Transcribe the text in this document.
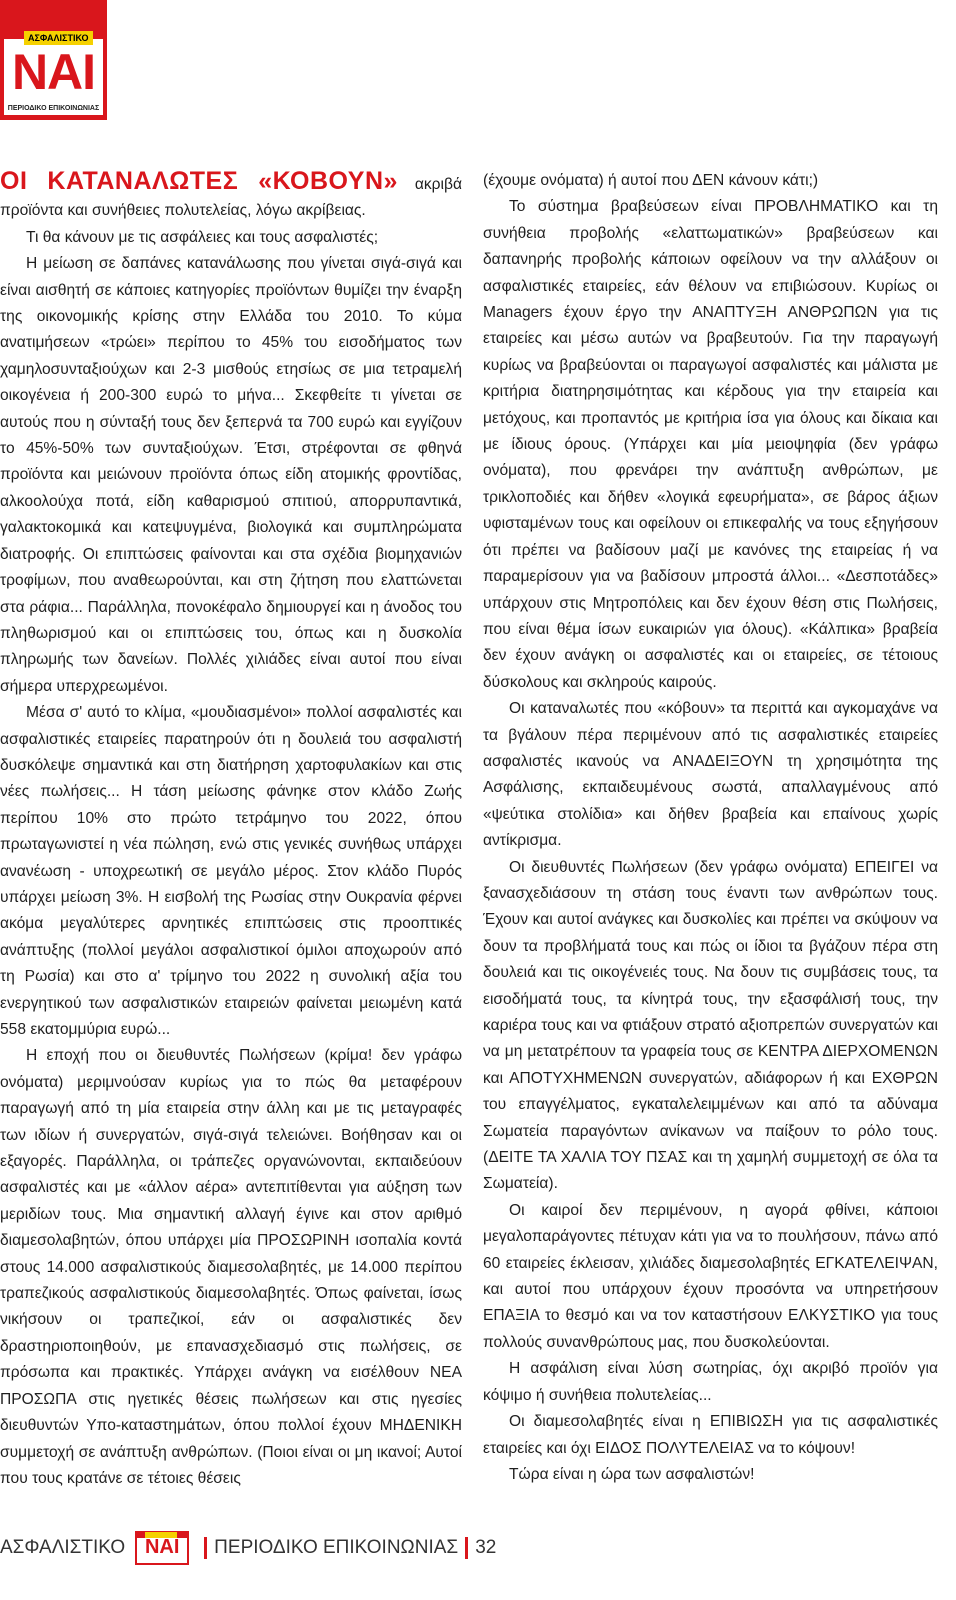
ΑΣΦΑΛΙΣΤΙΚΟ
ΝΑΙ
ΠΕΡΙΟΔΙΚΟ ΕΠΙΚΟΙΝΩΝΙΑΣ

ΟΙ ΚΑΤΑΝΑΛΩΤΕΣ «ΚΟΒΟΥΝ» ακριβά προϊόντα και συνήθειες πολυτελείας, λόγω ακρίβειας.

Τι θα κάνουν με τις ασφάλειες και τους ασφαλιστές;

Η μείωση σε δαπάνες κατανάλωσης που γίνεται σιγά-σιγά και είναι αισθητή σε κάποιες κατηγορίες προϊόντων θυμίζει την έναρξη της οικονομικής κρίσης στην Ελλάδα του 2010. Το κύμα ανατιμήσεων «τρώει» περίπου το 45% του εισοδήματος των χαμηλοσυνταξιούχων και 2-3 μισθούς ετησίως σε μια τετραμελή οικογένεια ή 200-300 ευρώ το μήνα... Σκεφθείτε τι γίνεται σε αυτούς που η σύνταξή τους δεν ξεπερνά τα 700 ευρώ και εγγίζουν το 45%-50% των συνταξιούχων. Έτσι, στρέφονται σε φθηνά προϊόντα και μειώνουν προϊόντα όπως είδη ατομικής φροντίδας, αλκοολούχα ποτά, είδη καθαρισμού σπιτιού, απορρυπαντικά, γαλακτοκομικά και κατεψυγμένα, βιολογικά και συμπληρώματα διατροφής. Οι επιπτώσεις φαίνονται και στα σχέδια βιομηχανιών τροφίμων, που αναθεωρούνται, και στη ζήτηση που ελαττώνεται στα ράφια... Παράλληλα, πονοκέφαλο δημιουργεί και η άνοδος του πληθωρισμού και οι επιπτώσεις του, όπως και η δυσκολία πληρωμής των δανείων. Πολλές χιλιάδες είναι αυτοί που είναι σήμερα υπερχρεωμένοι.

Μέσα σ' αυτό το κλίμα, «μουδιασμένοι» πολλοί ασφαλιστές και ασφαλιστικές εταιρείες παρατηρούν ότι η δουλειά του ασφαλιστή δυσκόλεψε σημαντικά και στη διατήρηση χαρτοφυλακίων και στις νέες πωλήσεις... Η τάση μείωσης φάνηκε στον κλάδο Ζωής περίπου 10% στο πρώτο τετράμηνο του 2022, όπου πρωταγωνιστεί η νέα πώληση, ενώ στις γενικές συνήθως υπάρχει ανανέωση - υποχρεωτική σε μεγάλο μέρος. Στον κλάδο Πυρός υπάρχει μείωση 3%. Η εισβολή της Ρωσίας στην Ουκρανία φέρνει ακόμα μεγαλύτερες αρνητικές επιπτώσεις στις προοπτικές ανάπτυξης (πολλοί μεγάλοι ασφαλιστικοί όμιλοι αποχωρούν από τη Ρωσία) και στο α' τρίμηνο του 2022 η συνολική αξία του ενεργητικού των ασφαλιστικών εταιρειών φαίνεται μειωμένη κατά 558 εκατομμύρια ευρώ...

Η εποχή που οι διευθυντές Πωλήσεων (κρίμα! δεν γράφω ονόματα) μεριμνούσαν κυρίως για το πώς θα μεταφέρουν παραγωγή από τη μία εταιρεία στην άλλη και με τις μεταγραφές των ιδίων ή συνεργατών, σιγά-σιγά τελειώνει. Βοήθησαν και οι εξαγορές. Παράλληλα, οι τράπεζες οργανώνονται, εκπαιδεύουν ασφαλιστές και με «άλλον αέρα» αντεπιτίθενται για αύξηση των μεριδίων τους. Μια σημαντική αλλαγή έγινε και στον αριθμό διαμεσολαβητών, όπου υπάρχει μία ΠΡΟΣΩΡΙΝΗ ισοπαλία κοντά στους 14.000 ασφαλιστικούς διαμεσολαβητές, με 14.000 περίπου τραπεζικούς ασφαλιστικούς διαμεσολαβητές. Όπως φαίνεται, ίσως νικήσουν οι τραπεζικοί, εάν οι ασφαλιστικές δεν δραστηριοποιηθούν, με επανασχεδιασμό στις πωλήσεις, σε πρόσωπα και πρακτικές. Υπάρχει ανάγκη να εισέλθουν ΝΕΑ ΠΡΟΣΩΠΑ στις ηγετικές θέσεις πωλήσεων και στις ηγεσίες διευθυντών Υπο-καταστημάτων, όπου πολλοί έχουν ΜΗΔΕΝΙΚΗ συμμετοχή σε ανάπτυξη ανθρώπων. (Ποιοι είναι οι μη ικανοί; Αυτοί που τους κρατάνε σε τέτοιες θέσεις

(έχουμε ονόματα) ή αυτοί που ΔΕΝ κάνουν κάτι;)

Το σύστημα βραβεύσεων είναι ΠΡΟΒΛΗΜΑΤΙΚΟ και τη συνήθεια προβολής «ελαττωματικών» βραβεύσεων και δαπανηρής προβολής κάποιων οφείλουν να την αλλάξουν οι ασφαλιστικές εταιρείες, εάν θέλουν να επιβιώσουν. Κυρίως οι Managers έχουν έργο την ΑΝΑΠΤΥΞΗ ΑΝΘΡΩΠΩΝ για τις εταιρείες και μέσω αυτών να βραβευτούν. Για την παραγωγή κυρίως να βραβεύονται οι παραγωγοί ασφαλιστές και μάλιστα με κριτήρια διατηρησιμότητας και κέρδους για την εταιρεία και μετόχους, και προπαντός με κριτήρια ίσα για όλους και δίκαια και με ίδιους όρους. (Υπάρχει και μία μειοψηφία (δεν γράφω ονόματα), που φρενάρει την ανάπτυξη ανθρώπων, με τρικλοποδιές και δήθεν «λογικά εφευρήματα», σε βάρος άξιων υφισταμένων τους και οφείλουν οι επικεφαλής να τους εξηγήσουν ότι πρέπει να βαδίσουν μαζί με κανόνες της εταιρείας ή να παραμερίσουν για να βαδίσουν μπροστά άλλοι... «Δεσποτάδες» υπάρχουν στις Μητροπόλεις και δεν έχουν θέση στις Πωλήσεις, που είναι θέμα ίσων ευκαιριών για όλους). «Κάλπικα» βραβεία δεν έχουν ανάγκη οι ασφαλιστές και οι εταιρείες, σε τέτοιους δύσκολους και σκληρούς καιρούς.

Οι καταναλωτές που «κόβουν» τα περιττά και αγκομαχάνε να τα βγάλουν πέρα περιμένουν από τις ασφαλιστικές εταιρείες ασφαλιστές ικανούς να ΑΝΑΔΕΙΞΟΥΝ τη χρησιμότητα της Ασφάλισης, εκπαιδευμένους σωστά, απαλλαγμένους από «ψεύτικα στολίδια» και δήθεν βραβεία και επαίνους χωρίς αντίκρισμα.

Οι διευθυντές Πωλήσεων (δεν γράφω ονόματα) ΕΠΕΙΓΕΙ να ξανασχεδιάσουν τη στάση τους έναντι των ανθρώπων τους. Έχουν και αυτοί ανάγκες και δυσκολίες και πρέπει να σκύψουν να δουν τα προβλήματά τους και πώς οι ίδιοι τα βγάζουν πέρα στη δουλειά και τις οικογένειές τους. Να δουν τις συμβάσεις τους, τα εισοδήματά τους, τα κίνητρά τους, την εξασφάλισή τους, την καριέρα τους και να φτιάξουν στρατό αξιοπρεπών συνεργατών και να μη μετατρέπουν τα γραφεία τους σε ΚΕΝΤΡΑ ΔΙΕΡΧΟΜΕΝΩΝ και ΑΠΟΤΥΧΗΜΕΝΩΝ συνεργατών, αδιάφορων ή και ΕΧΘΡΩΝ του επαγγέλματος, εγκαταλελειμμένων και από τα αδύναμα Σωματεία παραγόντων ανίκανων να παίξουν το ρόλο τους. (ΔΕΙΤΕ ΤΑ ΧΑΛΙΑ ΤΟΥ ΠΣΑΣ και τη χαμηλή συμμετοχή σε όλα τα Σωματεία).

Οι καιροί δεν περιμένουν, η αγορά φθίνει, κάποιοι μεγαλοπαράγοντες πέτυχαν κάτι για να το πουλήσουν, πάνω από 60 εταιρείες έκλεισαν, χιλιάδες διαμεσολαβητές ΕΓΚΑΤΕΛΕΙΨΑΝ, και αυτοί που υπάρχουν έχουν προσόντα να υπηρετήσουν ΕΠΑΞΙΑ το θεσμό και να τον καταστήσουν ΕΛΚΥΣΤΙΚΟ για τους πολλούς συνανθρώπους μας, που δυσκολεύονται.

Η ασφάλιση είναι λύση σωτηρίας, όχι ακριβό προϊόν για κόψιμο ή συνήθεια πολυτελείας...

Οι διαμεσολαβητές είναι η ΕΠΙΒΙΩΣΗ για τις ασφαλιστικές εταιρείες και όχι ΕΙΔΟΣ ΠΟΛΥΤΕΛΕΙΑΣ να το κόψουν!

Τώρα είναι η ώρα των ασφαλιστών!

ΑΣΦΑΛΙΣΤΙΚΟ ΝΑΙ	ΠΕΡΙΟΔΙΚΟ ΕΠΙΚΟΙΝΩΝΙΑΣ 32
